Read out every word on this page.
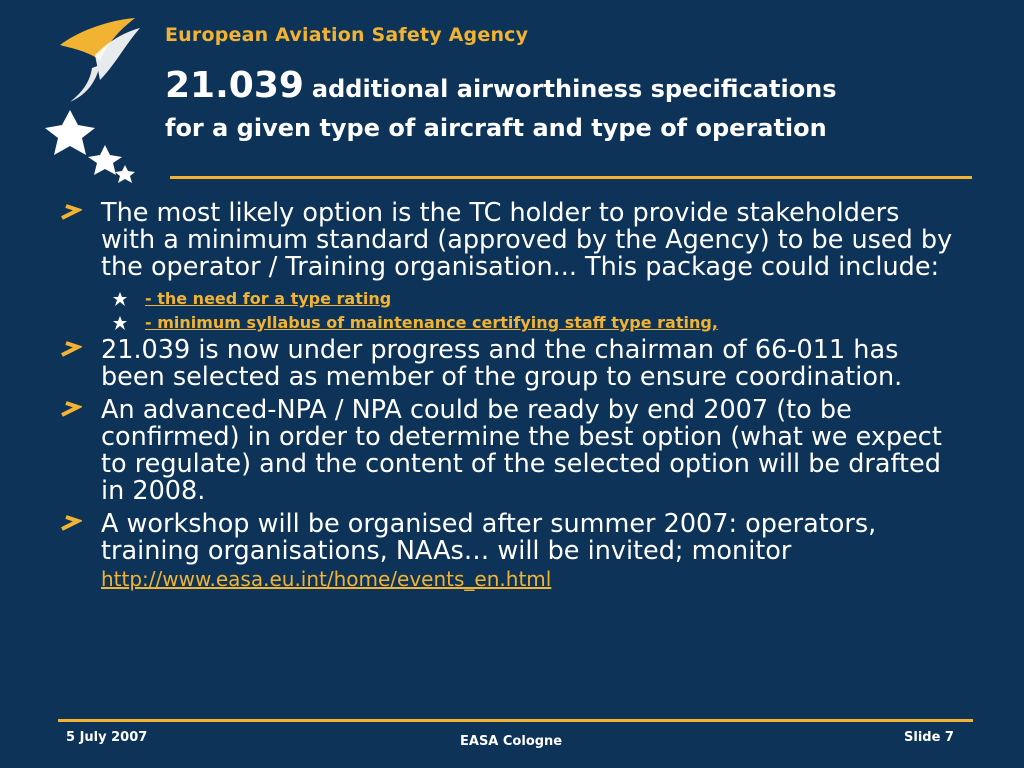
European Aviation Safety Agency
21.039 additional airworthiness specifications
for a given type of aircraft and type of operation
The most likely option is the TC holder to provide stakeholders with a minimum standard (approved by the Agency) to be used by the operator / Training organisation... This package could include:
- the need for a type rating
- minimum syllabus of maintenance certifying staff type rating,
21.039 is now under progress and the chairman of 66-011 has been selected as member of the group to ensure coordination.
An advanced-NPA / NPA could be ready by end 2007 (to be confirmed) in order to determine the best option (what we expect to regulate) and the content of the selected option will be drafted in 2008.
A workshop will be organised after summer 2007: operators, training organisations, NAAs… will be invited; monitor http://www.easa.eu.int/home/events_en.html
5 July 2007	EASA Cologne	Slide 7
